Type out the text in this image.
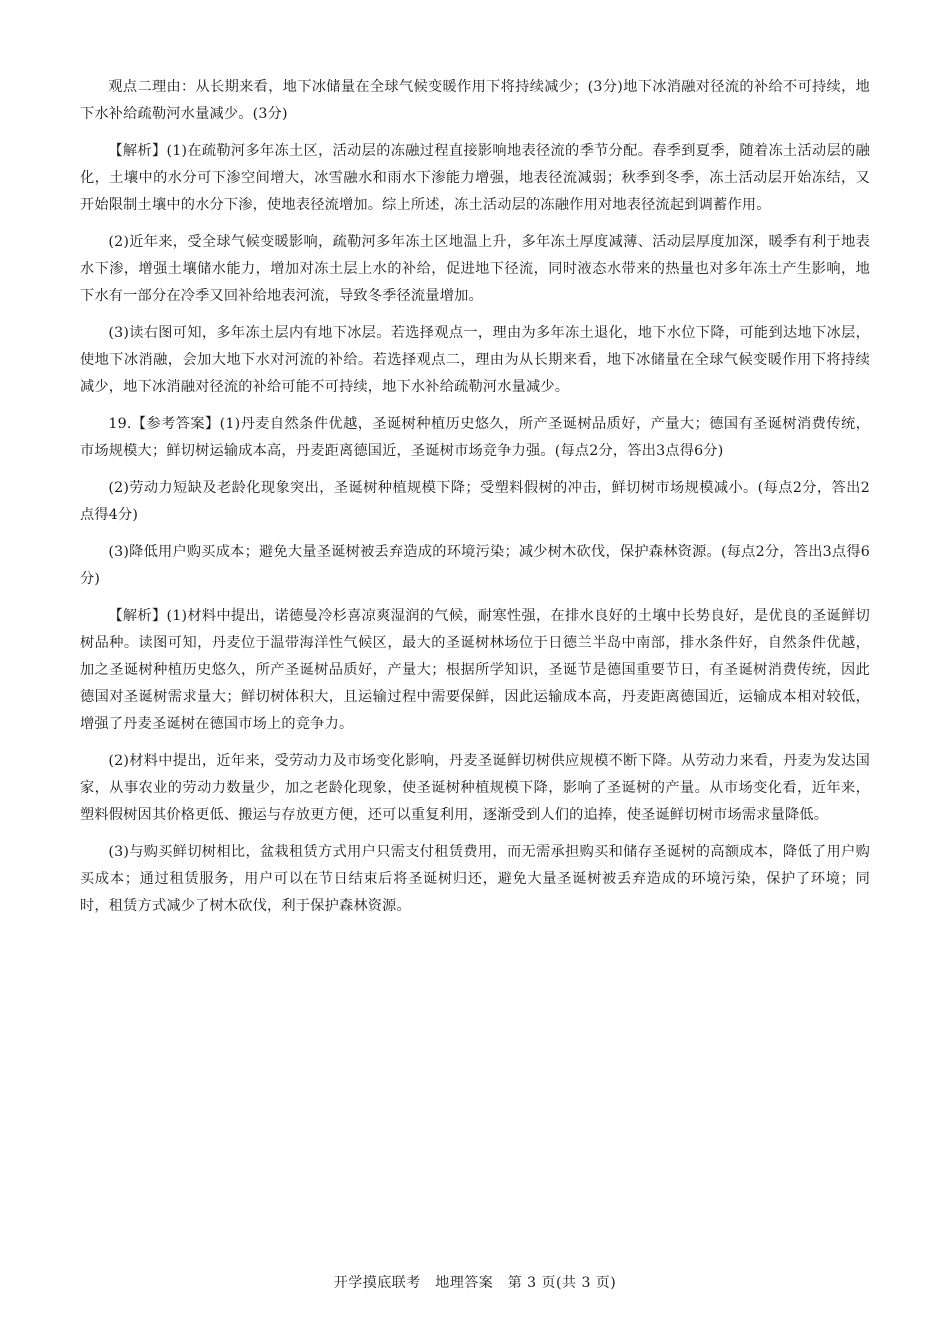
观点二理由：从长期来看，地下冰储量在全球气候变暖作用下将持续减少；(3分)地下冰消融对径流的补给不可持续，地下水补给疏勒河水量减少。(3分)

【解析】(1)在疏勒河多年冻土区，活动层的冻融过程直接影响地表径流的季节分配。春季到夏季，随着冻土活动层的融化，土壤中的水分可下渗空间增大，冰雪融水和雨水下渗能力增强，地表径流减弱；秋季到冬季，冻土活动层开始冻结，又开始限制土壤中的水分下渗，使地表径流增加。综上所述，冻土活动层的冻融作用对地表径流起到调蓄作用。

(2)近年来，受全球气候变暖影响，疏勒河多年冻土区地温上升，多年冻土厚度减薄、活动层厚度加深，暖季有利于地表水下渗，增强土壤储水能力，增加对冻土层上水的补给，促进地下径流，同时液态水带来的热量也对多年冻土产生影响，地下水有一部分在冷季又回补给地表河流，导致冬季径流量增加。

(3)读右图可知，多年冻土层内有地下冰层。若选择观点一，理由为多年冻土退化，地下水位下降，可能到达地下冰层，使地下冰消融，会加大地下水对河流的补给。若选择观点二，理由为从长期来看，地下冰储量在全球气候变暖作用下将持续减少，地下冰消融对径流的补给可能不可持续，地下水补给疏勒河水量减少。

19.【参考答案】(1)丹麦自然条件优越，圣诞树种植历史悠久，所产圣诞树品质好，产量大；德国有圣诞树消费传统，市场规模大；鲜切树运输成本高，丹麦距离德国近，圣诞树市场竞争力强。(每点2分，答出3点得6分)

(2)劳动力短缺及老龄化现象突出，圣诞树种植规模下降；受塑料假树的冲击，鲜切树市场规模减小。(每点2分，答出2点得4分)

(3)降低用户购买成本；避免大量圣诞树被丢弃造成的环境污染；减少树木砍伐，保护森林资源。(每点2分，答出3点得6分)

【解析】(1)材料中提出，诺德曼冷杉喜凉爽湿润的气候，耐寒性强，在排水良好的土壤中长势良好，是优良的圣诞鲜切树品种。读图可知，丹麦位于温带海洋性气候区，最大的圣诞树林场位于日德兰半岛中南部，排水条件好，自然条件优越，加之圣诞树种植历史悠久，所产圣诞树品质好，产量大；根据所学知识，圣诞节是德国重要节日，有圣诞树消费传统，因此德国对圣诞树需求量大；鲜切树体积大，且运输过程中需要保鲜，因此运输成本高，丹麦距离德国近，运输成本相对较低，增强了丹麦圣诞树在德国市场上的竞争力。

(2)材料中提出，近年来，受劳动力及市场变化影响，丹麦圣诞鲜切树供应规模不断下降。从劳动力来看，丹麦为发达国家，从事农业的劳动力数量少，加之老龄化现象，使圣诞树种植规模下降，影响了圣诞树的产量。从市场变化看，近年来，塑料假树因其价格更低、搬运与存放更方便，还可以重复利用，逐渐受到人们的追捧，使圣诞鲜切树市场需求量降低。

(3)与购买鲜切树相比，盆栽租赁方式用户只需支付租赁费用，而无需承担购买和储存圣诞树的高额成本，降低了用户购买成本；通过租赁服务，用户可以在节日结束后将圣诞树归还，避免大量圣诞树被丢弃造成的环境污染，保护了环境；同时，租赁方式减少了树木砍伐，利于保护森林资源。

开学摸底联考　地理答案　第 3 页(共 3 页)
